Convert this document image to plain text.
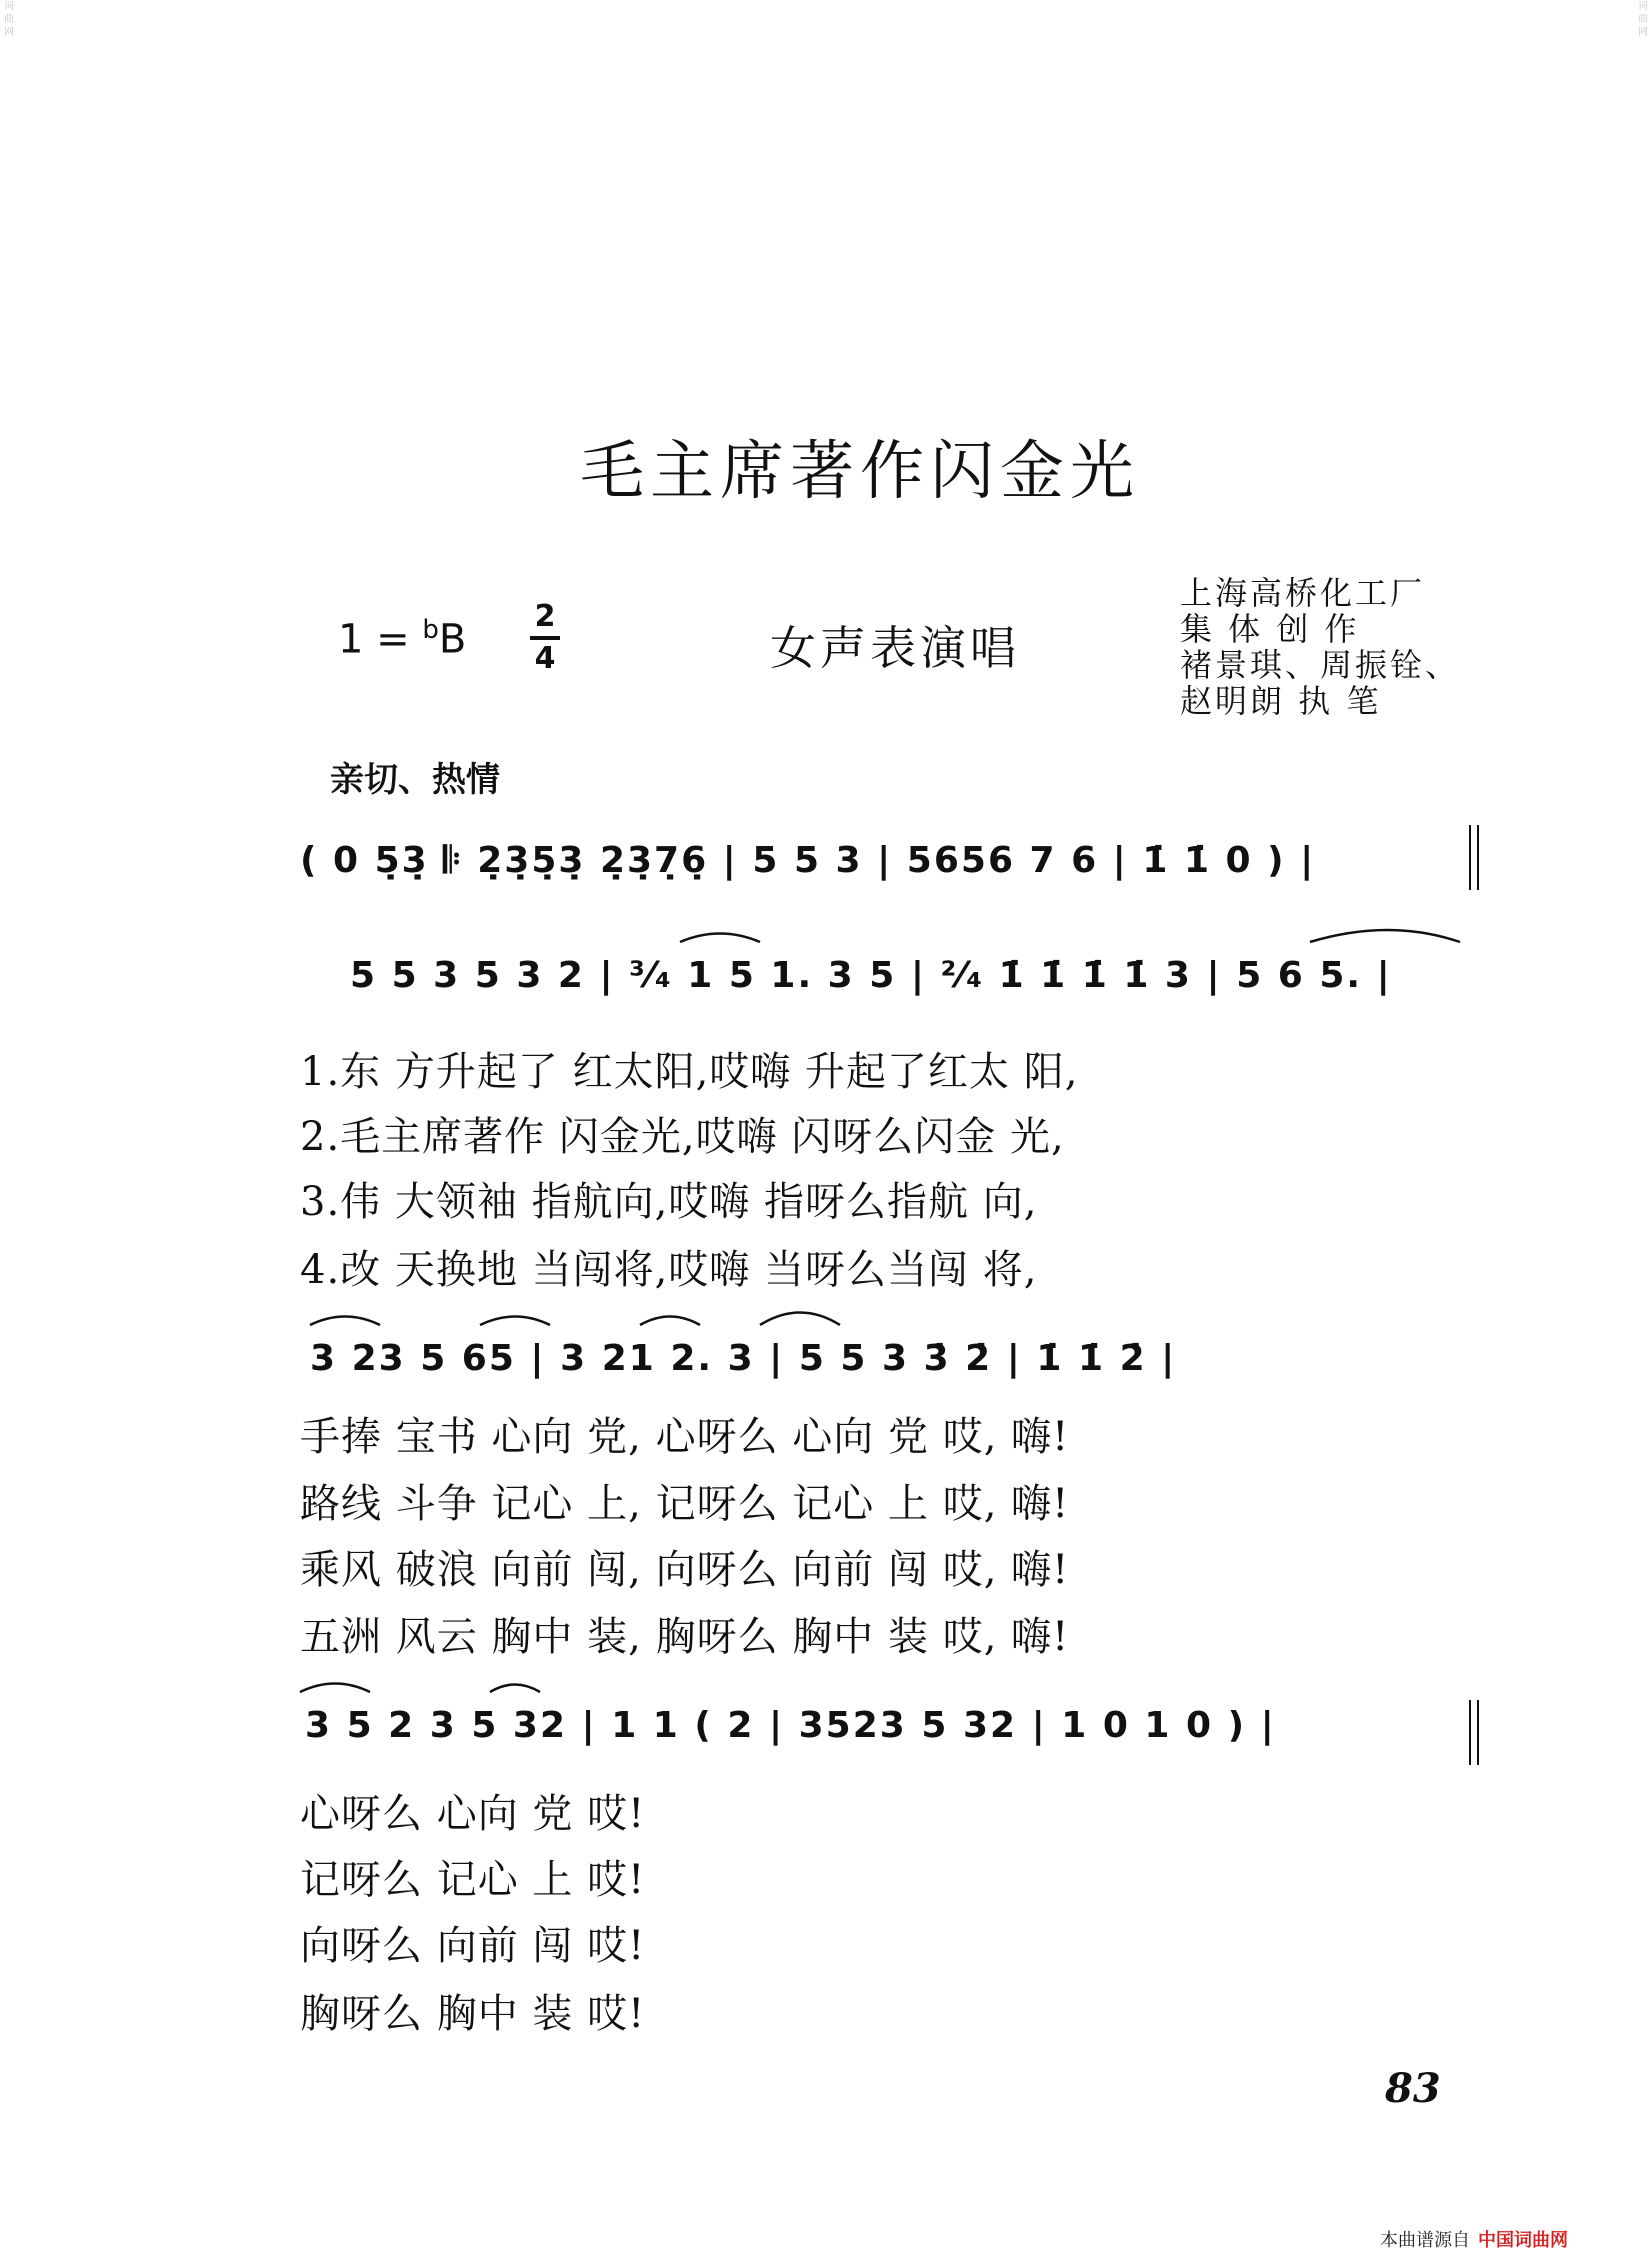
词曲网
词曲网
毛主席著作闪金光
1 = $^b$B 2
4	女声表演唱
上海高桥化工厂
集 体 创 作
褚景琪、周振铨、
赵明朗 执 笔
亲切、热情
( 0 5̣3̣ 𝄆 2̣3̣5̣3̣ 2̣3̣7̣6̣ | 5 5 3 | 5656 7 6 | 1̇ 1̇ 0 ) |
5 5 3 5 3 2 | ³⁄₄ 1 5 1. 3 5 | ²⁄₄ 1̇ 1̇ 1̇ 1̇ 3 | 5 6 5. |
1.东 方升起了 红太阳,哎嗨 升起了红太 阳,
2.毛主席著作 闪金光,哎嗨 闪呀么闪金 光,
3.伟 大领袖 指航向,哎嗨 指呀么指航 向,
4.改 天换地 当闯将,哎嗨 当呀么当闯 将,
3 23 5 65 | 3 21 2. 3 | 5 5 3 3̇ 2̇ | 1̇ 1̇ 2̇ |
手捧 宝书 心向 党, 心呀么 心向 党 哎, 嗨!
路线 斗争 记心 上, 记呀么 记心 上 哎, 嗨!
乘风 破浪 向前 闯, 向呀么 向前 闯 哎, 嗨!
五洲 风云 胸中 装, 胸呀么 胸中 装 哎, 嗨!
3 5 2 3 5 32 | 1 1 ( 2 | 3523 5 32 | 1 0 1 0 ) |
心呀么 心向 党 哎!
记呀么 记心 上 哎!
向呀么 向前 闯 哎!
胸呀么 胸中 装 哎!
83
本曲谱源自 中国词曲网
